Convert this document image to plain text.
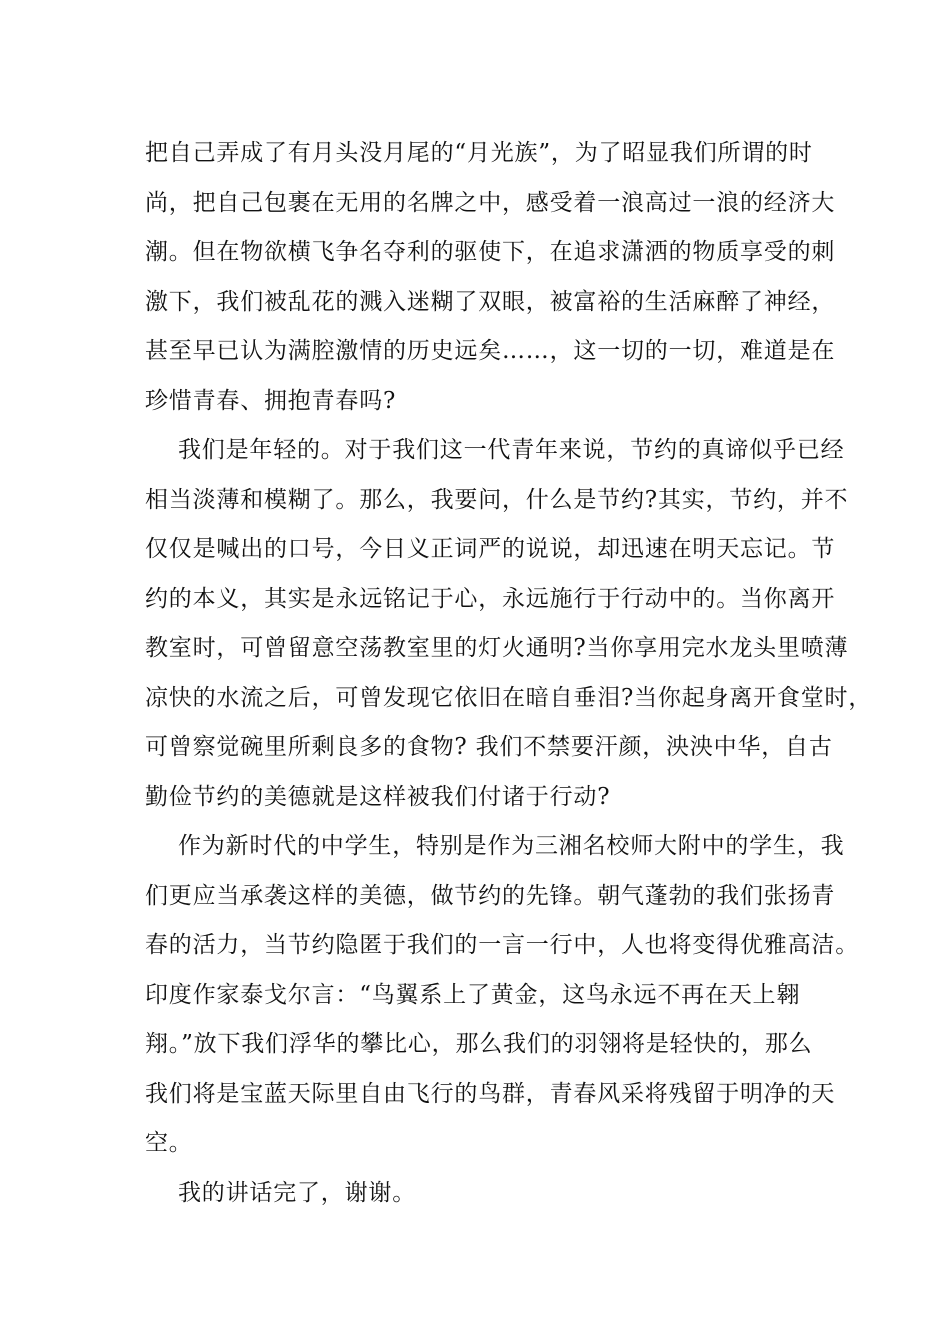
把自己弄成了有月头没月尾的“月光族”，为了昭显我们所谓的时
尚，把自己包裹在无用的名牌之中，感受着一浪高过一浪的经济大
潮。但在物欲横飞争名夺利的驱使下，在追求潇洒的物质享受的刺
激下，我们被乱花的溅入迷糊了双眼，被富裕的生活麻醉了神经，
甚至早已认为满腔激情的历史远矣……，这一切的一切，难道是在
珍惜青春、拥抱青春吗?
我们是年轻的。对于我们这一代青年来说，节约的真谛似乎已经
相当淡薄和模糊了。那么，我要问，什么是节约?其实，节约，并不
仅仅是喊出的口号，今日义正词严的说说，却迅速在明天忘记。节
约的本义，其实是永远铭记于心，永远施行于行动中的。当你离开
教室时，可曾留意空荡教室里的灯火通明?当你享用完水龙头里喷薄
凉快的水流之后，可曾发现它依旧在暗自垂泪?当你起身离开食堂时，
可曾察觉碗里所剩良多的食物? 我们不禁要汗颜，泱泱中华，自古
勤俭节约的美德就是这样被我们付诸于行动?
作为新时代的中学生，特别是作为三湘名校师大附中的学生，我
们更应当承袭这样的美德，做节约的先锋。朝气蓬勃的我们张扬青
春的活力，当节约隐匿于我们的一言一行中，人也将变得优雅高洁。
印度作家泰戈尔言：“鸟翼系上了黄金，这鸟永远不再在天上翱
翔。”放下我们浮华的攀比心，那么我们的羽翎将是轻快的，那么
我们将是宝蓝天际里自由飞行的鸟群，青春风采将残留于明净的天
空。
我的讲话完了，谢谢。
